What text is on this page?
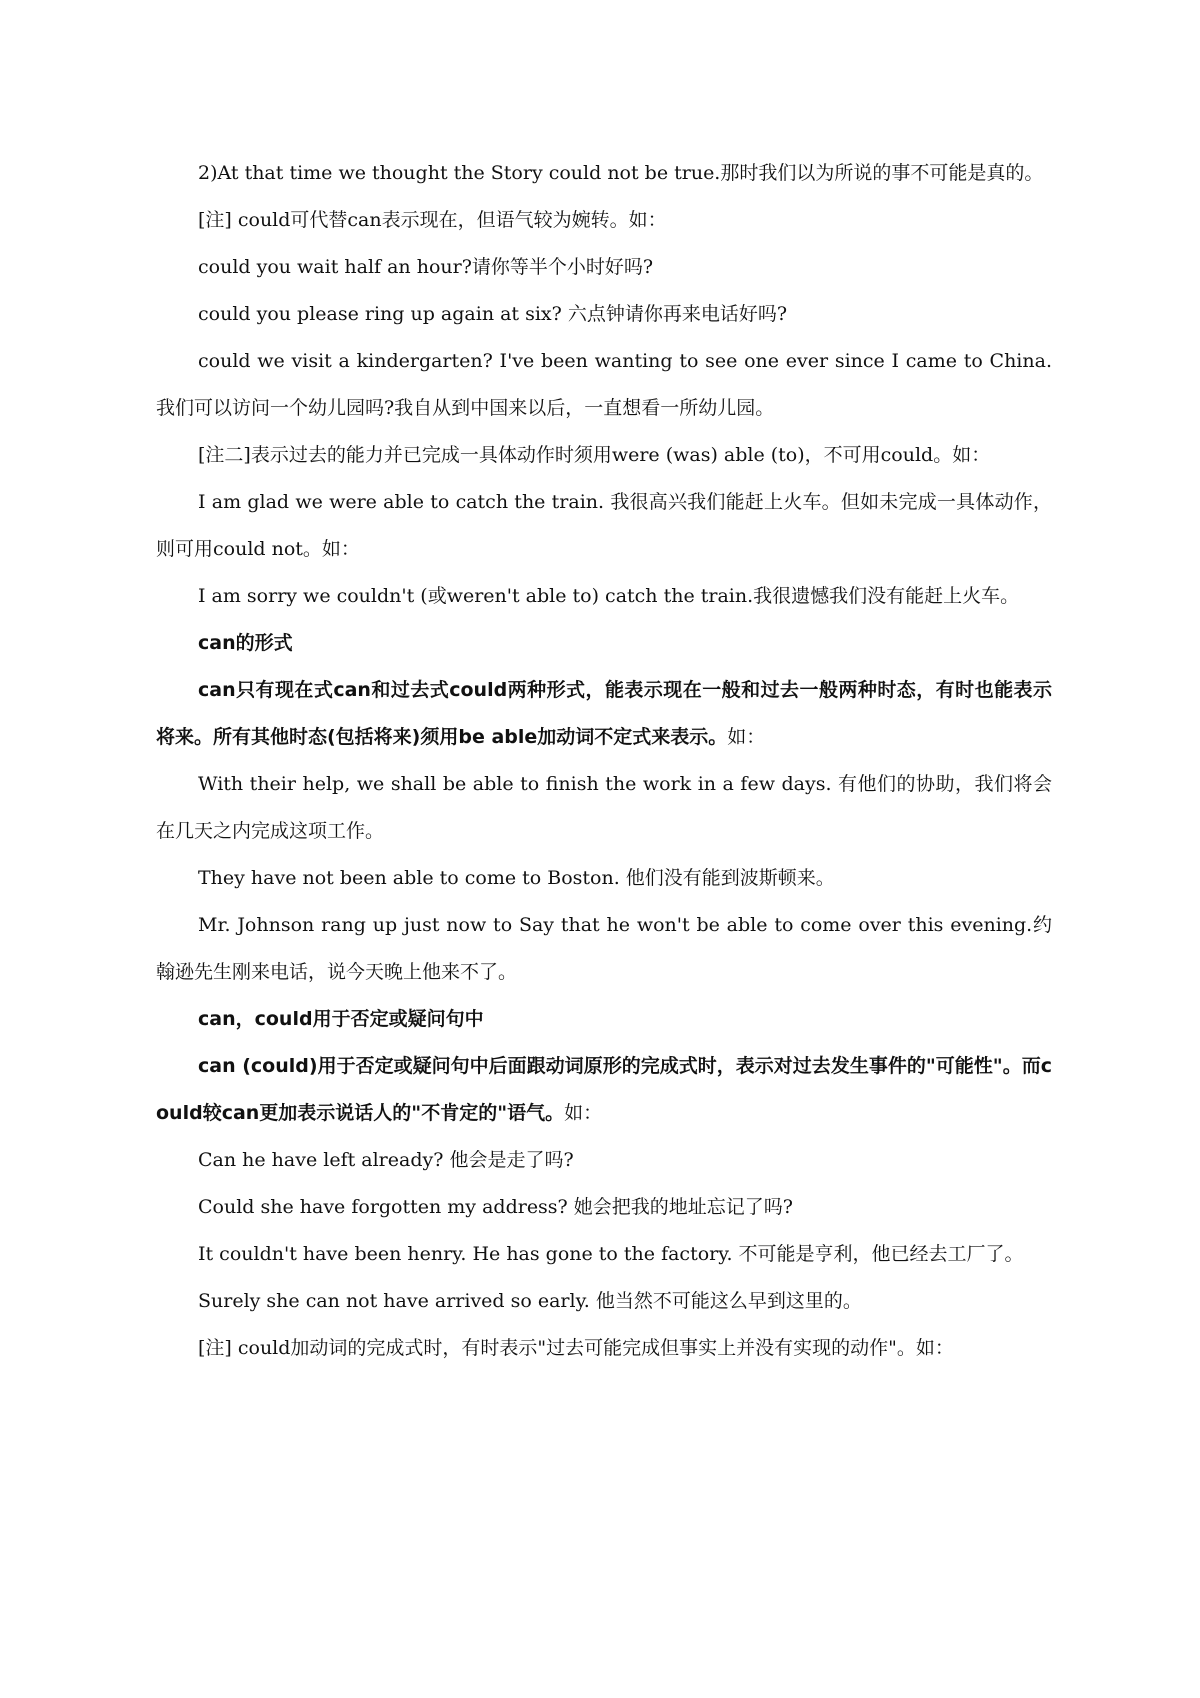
2)At that time we thought the Story could not be true.那时我们以为所说的事不可能是真的。

[注] could可代替can表示现在，但语气较为婉转。如：

could you wait half an hour?请你等半个小时好吗?

could you please ring up again at six? 六点钟请你再来电话好吗?

could we visit a kindergarten? I've been wanting to see one ever since I came to China.我们可以访问一个幼儿园吗?我自从到中国来以后，一直想看一所幼儿园。

[注二]表示过去的能力并已完成一具体动作时须用were (was) able (to)，不可用could。如：

I am glad we were able to catch the train. 我很高兴我们能赶上火车。但如未完成一具体动作，则可用could not。如：

I am sorry we couldn't (或weren't able to) catch the train.我很遗憾我们没有能赶上火车。

can的形式

can只有现在式can和过去式could两种形式，能表示现在一般和过去一般两种时态，有时也能表示将来。所有其他时态(包括将来)须用be able加动词不定式来表示。如：

With their help, we shall be able to finish the work in a few days. 有他们的协助，我们将会在几天之内完成这项工作。

They have not been able to come to Boston. 他们没有能到波斯顿来。

Mr. Johnson rang up just now to Say that he won't be able to come over this evening.约翰逊先生刚来电话，说今天晚上他来不了。

can，could用于否定或疑问句中

can (could)用于否定或疑问句中后面跟动词原形的完成式时，表示对过去发生事件的"可能性"。而could较can更加表示说话人的"不肯定的"语气。如：

Can he have left already? 他会是走了吗?

Could she have forgotten my address? 她会把我的地址忘记了吗?

It couldn't have been henry. He has gone to the factory. 不可能是亨利，他已经去工厂了。

Surely she can not have arrived so early. 他当然不可能这么早到这里的。

[注] could加动词的完成式时，有时表示"过去可能完成但事实上并没有实现的动作"。如：
